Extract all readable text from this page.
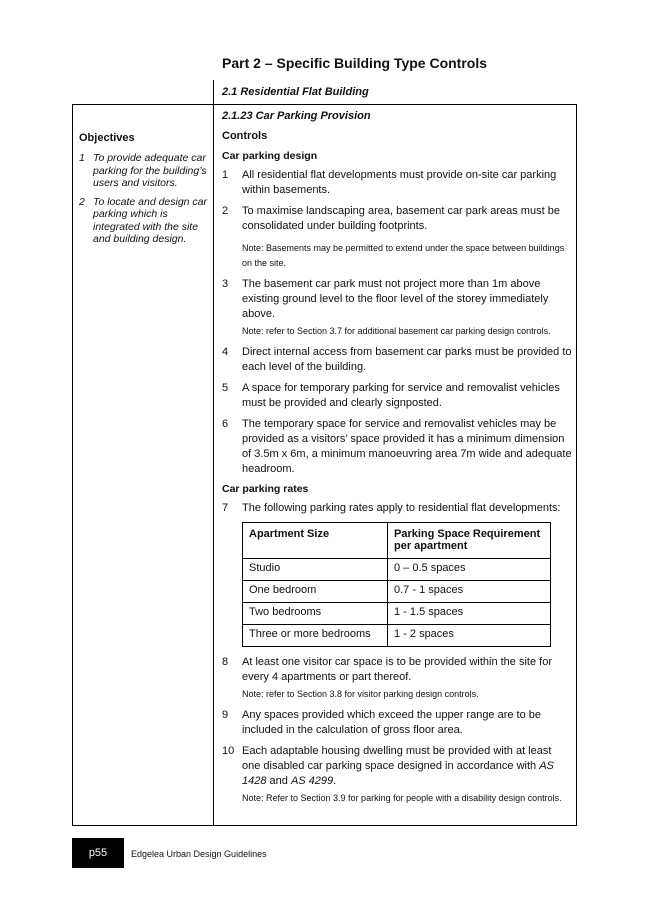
Part 2 – Specific Building Type Controls
2.1 Residential Flat Building
Objectives
1 To provide adequate car parking for the building’s users and visitors.
2 To locate and design car parking which is integrated with the site and building design.
2.1.23 Car Parking Provision
Controls
Car parking design
1	All residential flat developments must provide on-site car parking within basements.
2	To maximise landscaping area, basement car park areas must be consolidated under building footprints.
Note: Basements may be permitted to extend under the space between buildings on the site.
3	The basement car park must not project more than 1m above existing ground level to the floor level of the storey immediately above.
Note: refer to Section 3.7 for additional basement car parking design controls.
4	Direct internal access from basement car parks must be provided to each level of the building.
5	A space for temporary parking for service and removalist vehicles must be provided and clearly signposted.
6	The temporary space for service and removalist vehicles may be provided as a visitors’ space provided it has a minimum dimension of 3.5m x 6m, a minimum manoeuvring area 7m wide and adequate headroom.
Car parking rates
7	The following parking rates apply to residential flat developments:
Apartment Size	Parking Space Requirement per apartment
Studio	0 – 0.5 spaces
One bedroom	0.7 - 1 spaces
Two bedrooms	1 - 1.5 spaces
Three or more bedrooms	1 - 2 spaces
8	At least one visitor car space is to be provided within the site for every 4 apartments or part thereof.
Note: refer to Section 3.8 for visitor parking design controls.
9	Any spaces provided which exceed the upper range are to be included in the calculation of gross floor area.
10 Each adaptable housing dwelling must be provided with at least one disabled car parking space designed in accordance with AS 1428 and AS 4299.
Note: Refer to Section 3.9 for parking for people with a disability design controls.
p55	Edgelea Urban Design Guidelines
